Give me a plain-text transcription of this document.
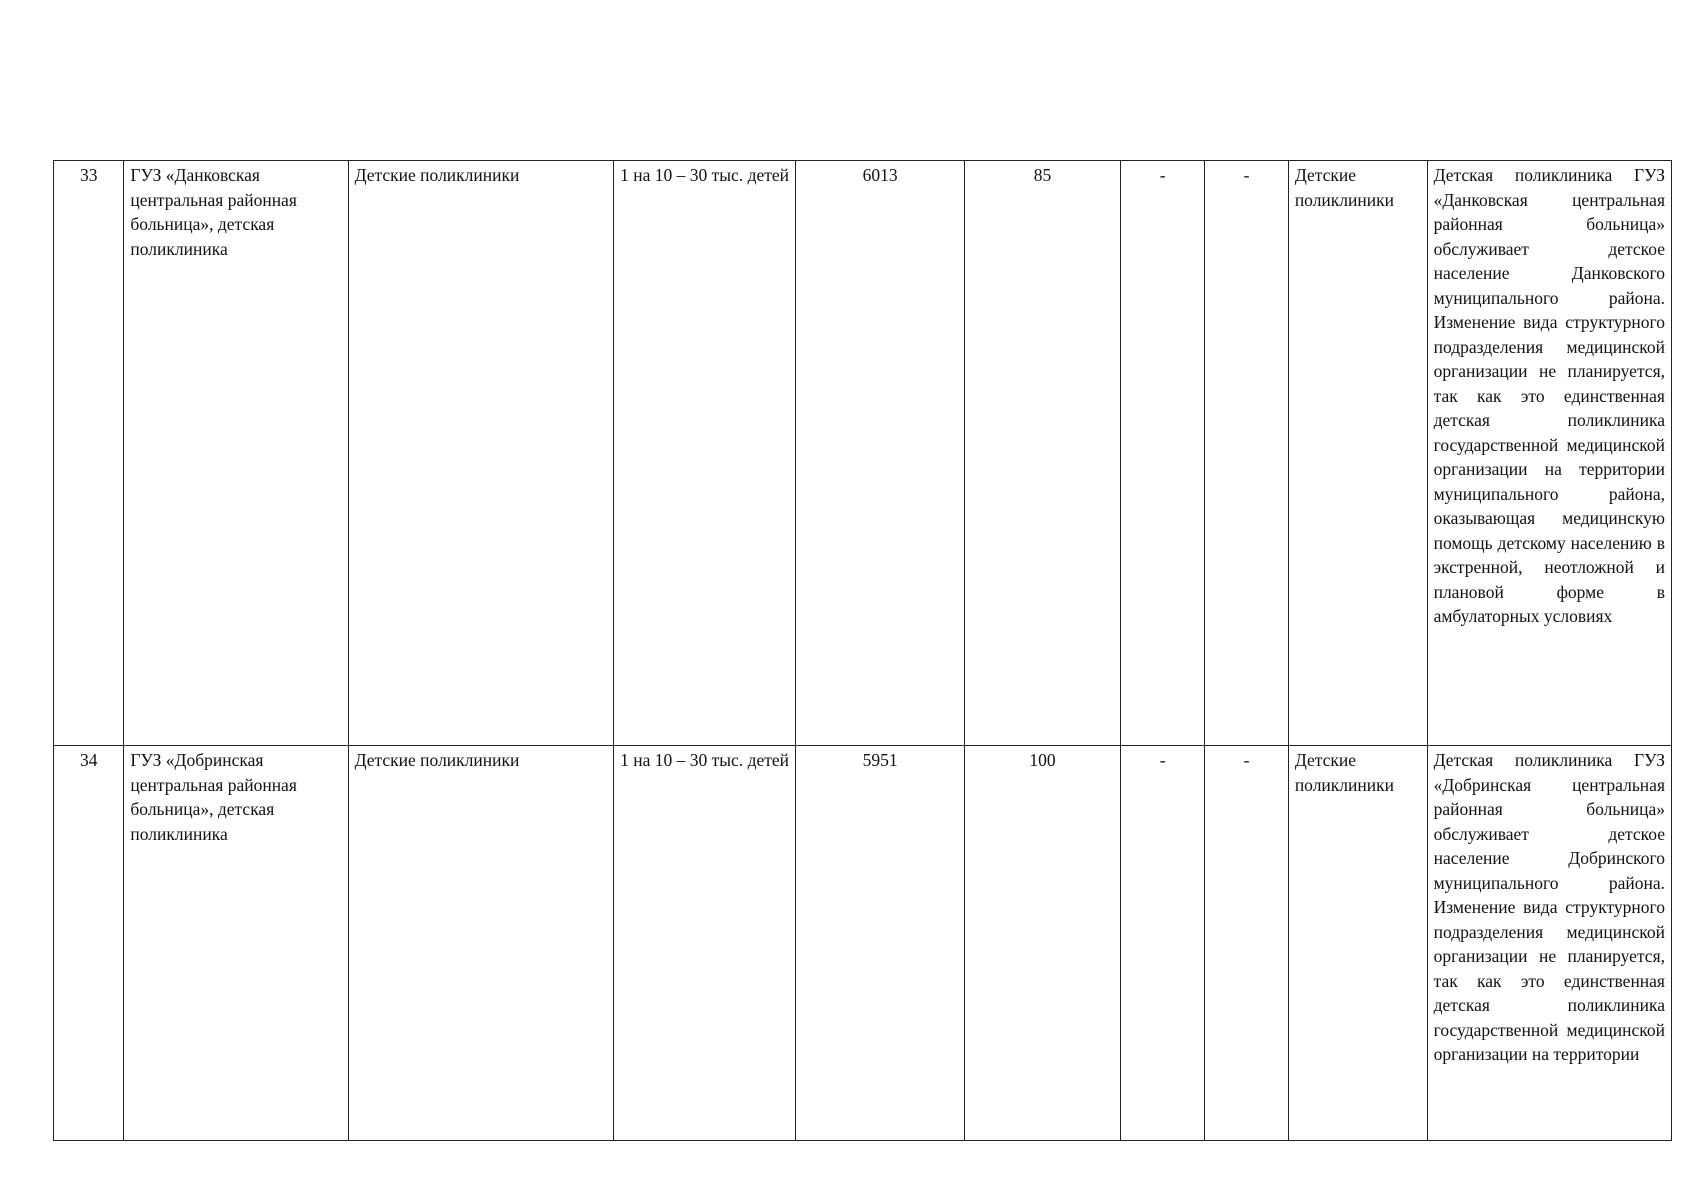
33	ГУЗ «Данковская центральная районная больница», детская поликлиника	Детские поликлиники	1 на 10 – 30 тыс. детей	6013	85	-	-	Детские поликлиники	Детская поликлиника ГУЗ «Данковская центральная районная больница» обслуживает детское население Данковского муниципального района. Изменение вида структурного подразделения медицинской организации не планируется, так как это единственная детская поликлиника государственной медицинской организации на территории муниципального района, оказывающая медицинскую помощь детскому населению в экстренной, неотложной и плановой форме в амбулаторных условиях

34	ГУЗ «Добринская центральная районная больница», детская поликлиника	Детские поликлиники	1 на 10 – 30 тыс. детей	5951	100	-	-	Детские поликлиники	Детская поликлиника ГУЗ «Добринская центральная районная больница» обслуживает детское население Добринского муниципального района. Изменение вида структурного подразделения медицинской организации не планируется, так как это единственная детская поликлиника государственной медицинской организации на территории
